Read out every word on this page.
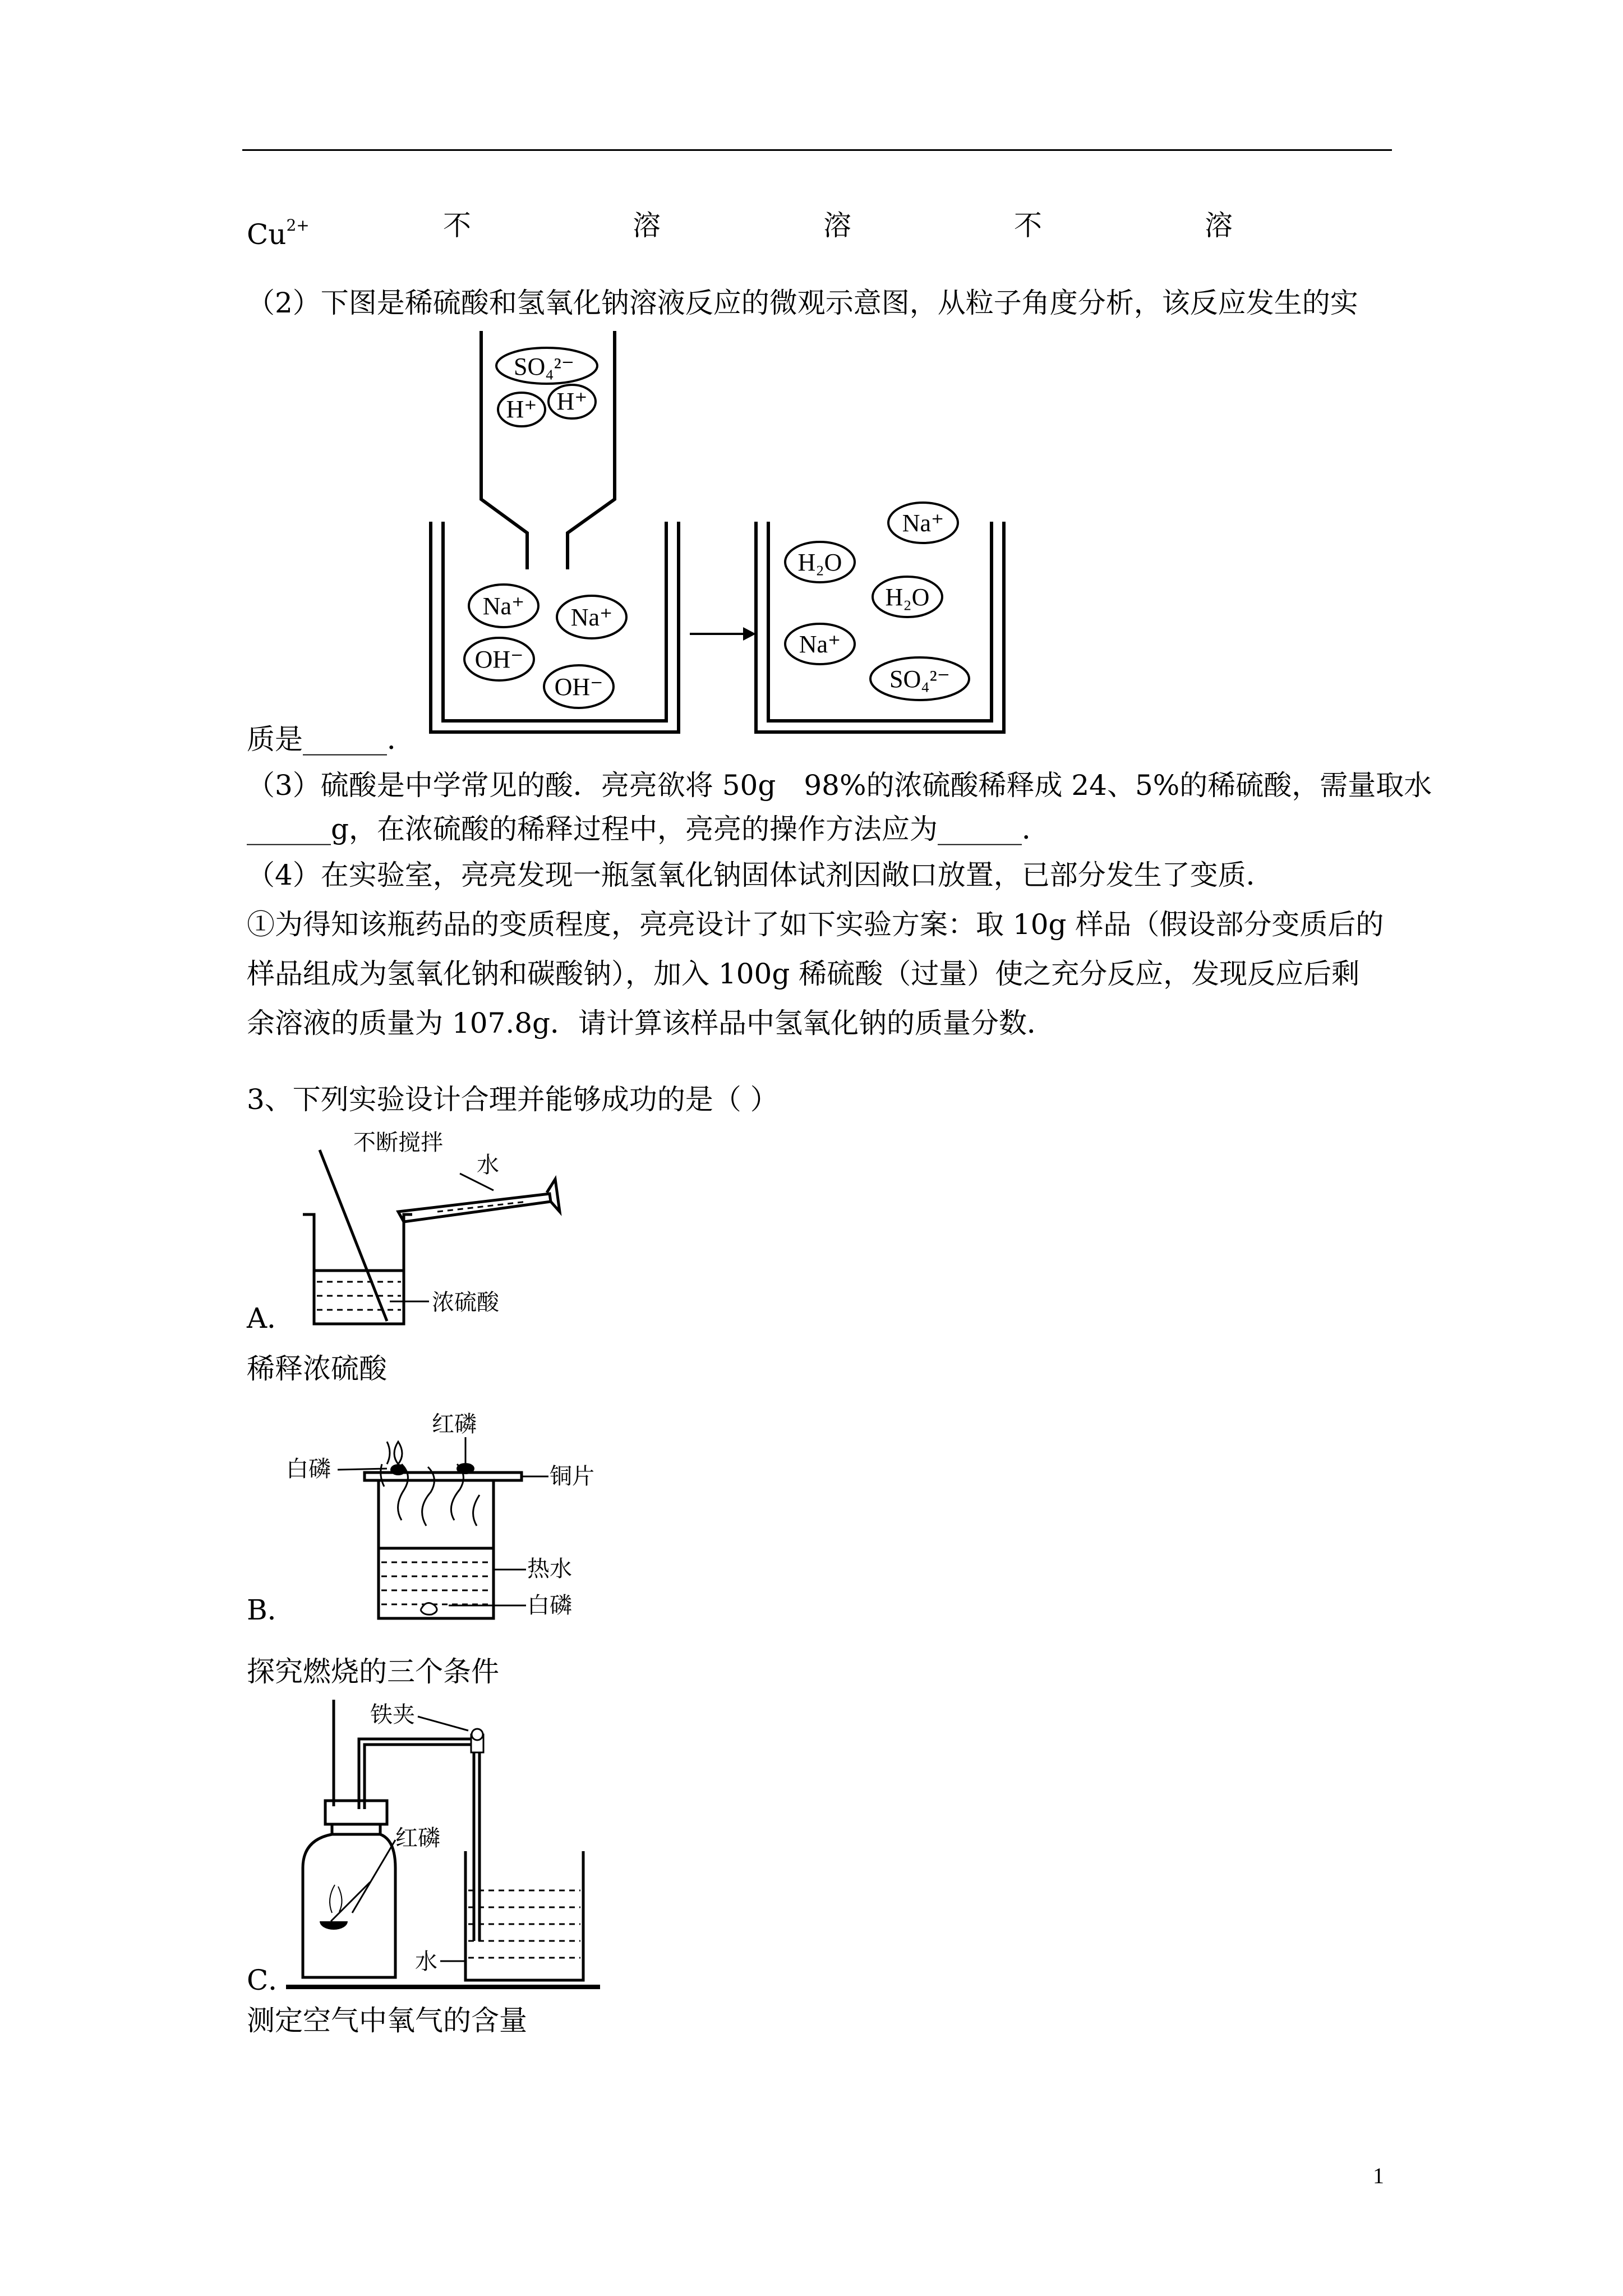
$Cu^{2+}$	不	溶	溶	不	溶
（2）下图是稀硫酸和氢氧化钠溶液反应的微观示意图，从粒子角度分析，该反应发生的实
SO₄²⁻
H⁺ H⁺
Na⁺ Na⁺
OH⁻
OH⁻
Na⁺
H₂O
H₂O
Na⁺
SO₄²⁻
质是______．
（3）硫酸是中学常见的酸．亮亮欲将 50g　98%的浓硫酸稀释成 24、5%的稀硫酸，需量取水
______g，在浓硫酸的稀释过程中，亮亮的操作方法应为______．
（4）在实验室，亮亮发现一瓶氢氧化钠固体试剂因敞口放置，已部分发生了变质．
①为得知该瓶药品的变质程度，亮亮设计了如下实验方案：取 10g 样品（假设部分变质后的
样品组成为氢氧化钠和碳酸钠），加入 100g 稀硫酸（过量）使之充分反应，发现反应后剩
余溶液的质量为 107.8g．请计算该样品中氢氧化钠的质量分数．
3、下列实验设计合理并能够成功的是（ ）
不断搅拌
水
浓硫酸
A．
稀释浓硫酸
红磷
白磷	铜片
热水
白磷
B．
探究燃烧的三个条件
铁夹
红磷
水
C．
测定空气中氧气的含量
1
